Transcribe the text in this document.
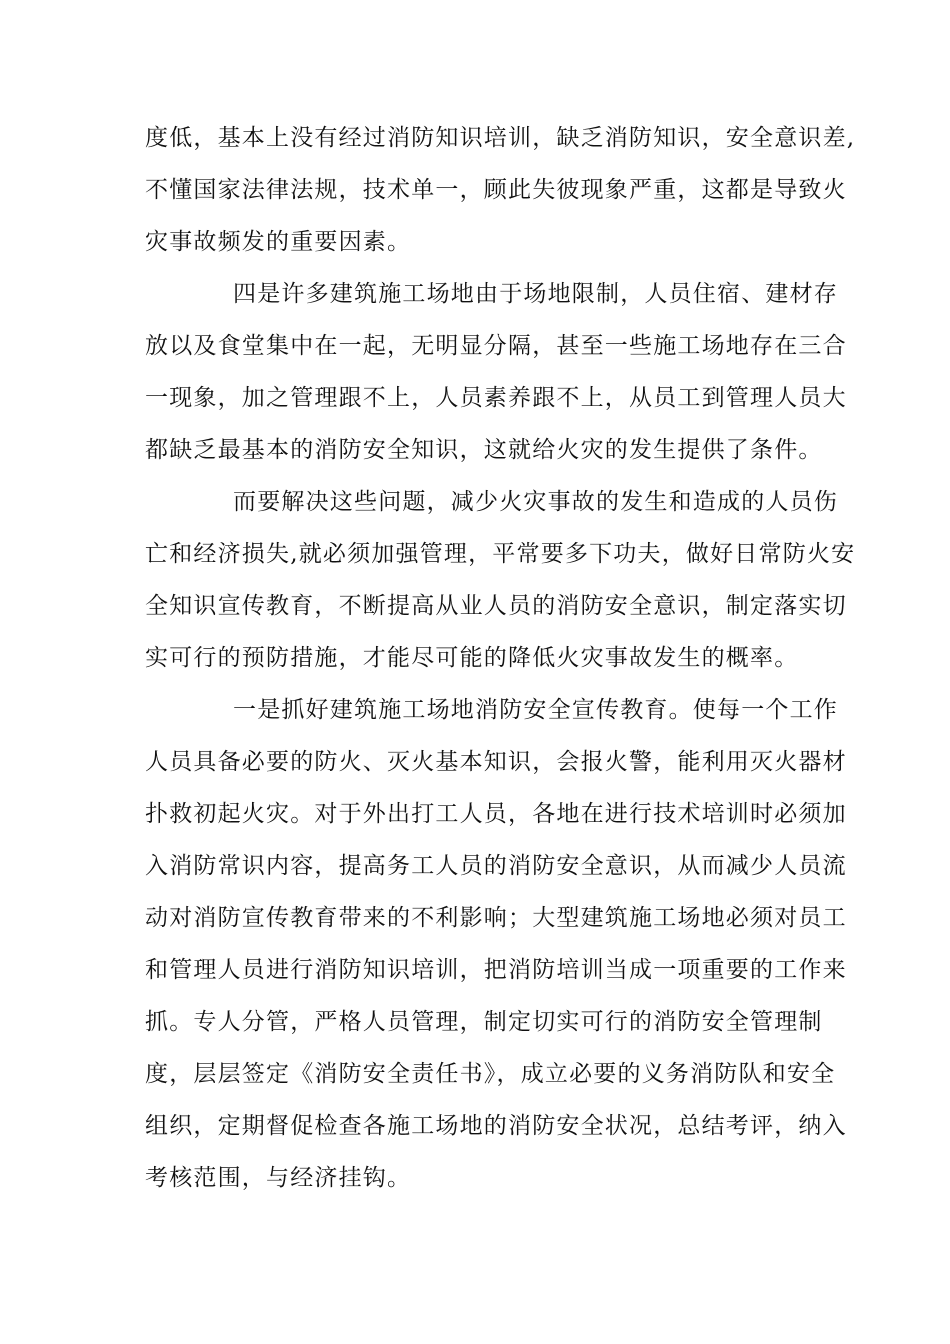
度低，基本上没有经过消防知识培训，缺乏消防知识，安全意识差,
不懂国家法律法规，技术单一，顾此失彼现象严重，这都是导致火
灾事故频发的重要因素。
四是许多建筑施工场地由于场地限制，人员住宿、建材存
放以及食堂集中在一起，无明显分隔，甚至一些施工场地存在三合
一现象，加之管理跟不上，人员素养跟不上，从员工到管理人员大
都缺乏最基本的消防安全知识，这就给火灾的发生提供了条件。
而要解决这些问题，减少火灾事故的发生和造成的人员伤
亡和经济损失,就必须加强管理，平常要多下功夫，做好日常防火安
全知识宣传教育，不断提高从业人员的消防安全意识，制定落实切
实可行的预防措施，才能尽可能的降低火灾事故发生的概率。
一是抓好建筑施工场地消防安全宣传教育。使每一个工作
人员具备必要的防火、灭火基本知识，会报火警，能利用灭火器材
扑救初起火灾。对于外出打工人员，各地在进行技术培训时必须加
入消防常识内容，提高务工人员的消防安全意识，从而减少人员流
动对消防宣传教育带来的不利影响；大型建筑施工场地必须对员工
和管理人员进行消防知识培训，把消防培训当成一项重要的工作来
抓。专人分管，严格人员管理，制定切实可行的消防安全管理制
度，层层签定《消防安全责任书》，成立必要的义务消防队和安全
组织，定期督促检查各施工场地的消防安全状况，总结考评，纳入
考核范围，与经济挂钩。
